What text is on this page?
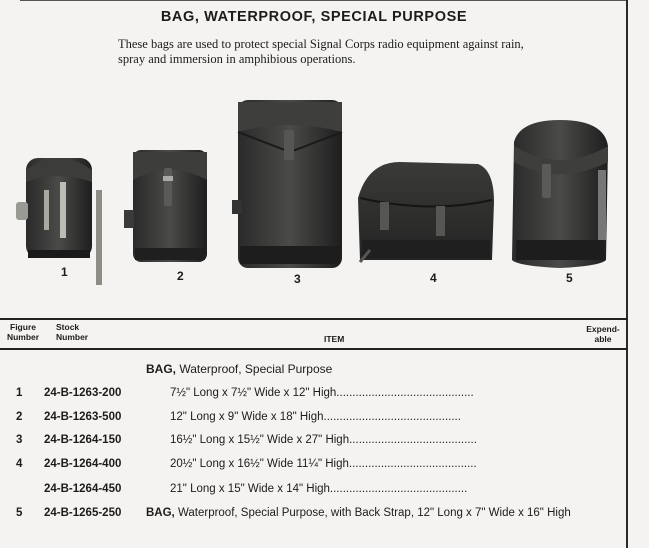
BAG, WATERPROOF, SPECIAL PURPOSE
These bags are used to protect special Signal Corps radio equipment against rain, spray and immersion in amphibious operations.
1	2	3	4	5
Figure Number
Stock Number	ITEM
Expend-able
BAG, Waterproof, Special Purpose
1 24-B-1263-200	7½" Long x 7½" Wide x 12" High...........................................
2 24-B-1263-500	12" Long x 9" Wide x 18" High...........................................
3 24-B-1264-150	16½" Long x 15½" Wide x 27" High........................................
4 24-B-1264-400	20½" Long x 16½" Wide 11¼" High........................................
24-B-1264-450	21" Long x 15" Wide x 14" High...........................................
5 24-B-1265-250 BAG, Waterproof, Special Purpose, with Back Strap, 12" Long x 7" Wide x 16" High
